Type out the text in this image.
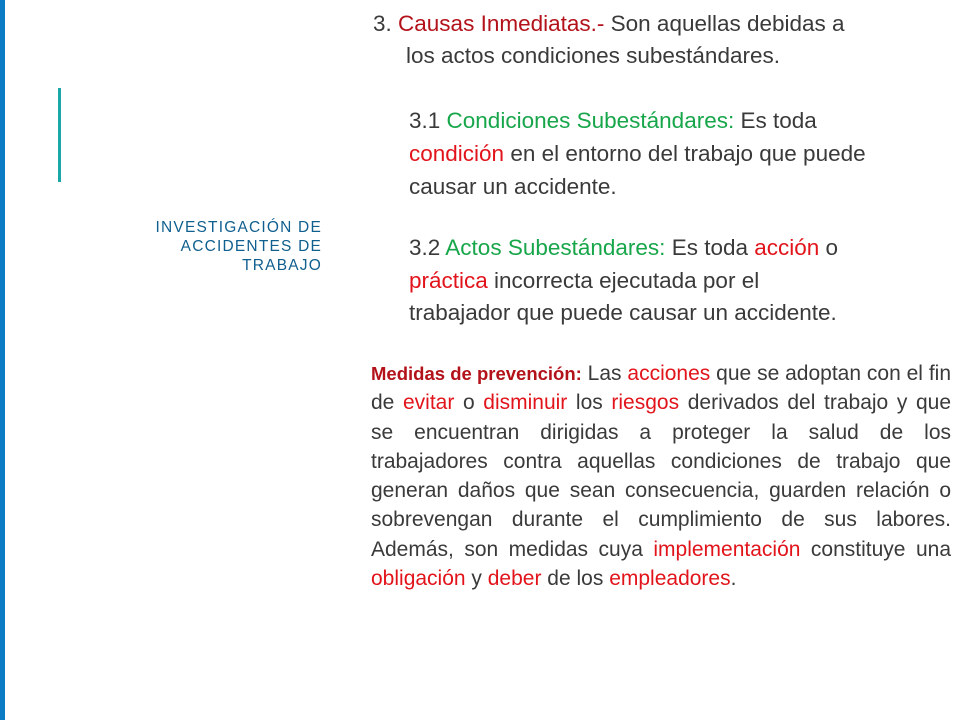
INVESTIGACIÓN DE
ACCIDENTES DE
TRABAJO
3. Causas Inmediatas.- Son aquellas debidas a
los actos condiciones subestándares.
3.1 Condiciones Subestándares: Es toda
condición en el entorno del trabajo que puede
causar un accidente.
3.2 Actos Subestándares: Es toda acción o
práctica incorrecta ejecutada por el
trabajador que puede causar un accidente.
Medidas de prevención: Las acciones que se adoptan con el fin de evitar o disminuir los riesgos derivados del trabajo y que se encuentran dirigidas a proteger la salud de los trabajadores contra aquellas condiciones de trabajo que generan daños que sean consecuencia, guarden relación o sobrevengan durante el cumplimiento de sus labores. Además, son medidas cuya implementación constituye una obligación y deber de los empleadores.
